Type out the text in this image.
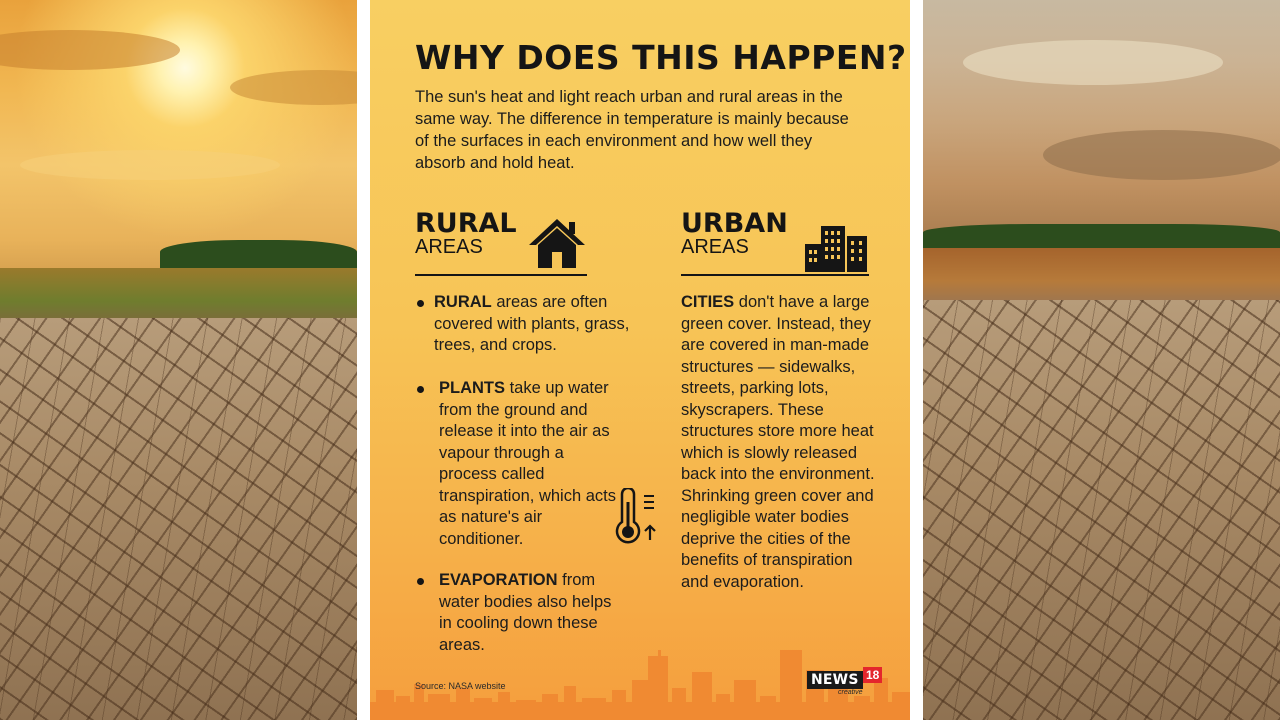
WHY DOES THIS HAPPEN?

The sun's heat and light reach urban and rural areas in the same way. The difference in temperature is mainly because of the surfaces in each environment and how well they absorb and hold heat.

RURAL
AREAS
URBAN
AREAS
RURAL areas are often covered with plants, grass, trees, and crops.
PLANTS take up water from the ground and release it into the air as vapour through a process called transpiration, which acts as nature's air conditioner.
EVAPORATION from water bodies also helps in cooling down these areas.

CITIES don't have a large green cover. Instead, they are covered in man-made structures — sidewalks, streets, parking lots, skyscrapers. These structures store more heat which is slowly released back into the environment. Shrinking green cover and negligible water bodies deprive the cities of the benefits of transpiration and evaporation.

Source: NASA website	NEWS 18
creative
